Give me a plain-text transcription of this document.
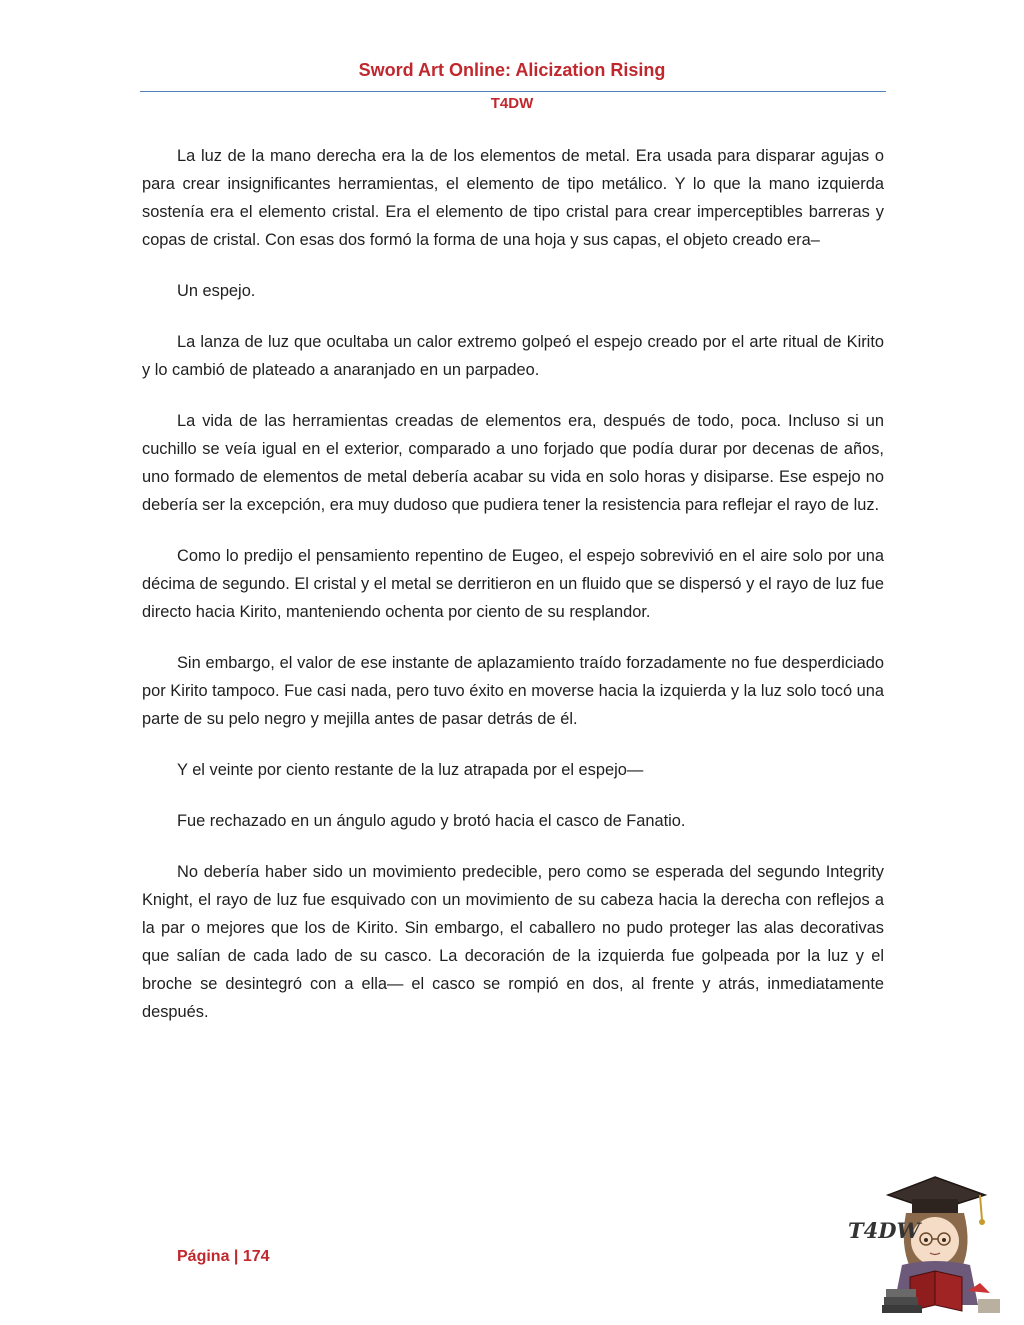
Sword Art Online: Alicization Rising
T4DW

La luz de la mano derecha era la de los elementos de metal. Era usada para disparar agujas o para crear insignificantes herramientas, el elemento de tipo metálico. Y lo que la mano izquierda sostenía era el elemento cristal. Era el elemento de tipo cristal para crear imperceptibles barreras y copas de cristal. Con esas dos formó la forma de una hoja y sus capas, el objeto creado era–

Un espejo.

La lanza de luz que ocultaba un calor extremo golpeó el espejo creado por el arte ritual de Kirito y lo cambió de plateado a anaranjado en un parpadeo.

La vida de las herramientas creadas de elementos era, después de todo, poca. Incluso si un cuchillo se veía igual en el exterior, comparado a uno forjado que podía durar por decenas de años, uno formado de elementos de metal debería acabar su vida en solo horas y disiparse. Ese espejo no debería ser la excepción, era muy dudoso que pudiera tener la resistencia para reflejar el rayo de luz.

Como lo predijo el pensamiento repentino de Eugeo, el espejo sobrevivió en el aire solo por una décima de segundo. El cristal y el metal se derritieron en un fluido que se dispersó y el rayo de luz fue directo hacia Kirito, manteniendo ochenta por ciento de su resplandor.

Sin embargo, el valor de ese instante de aplazamiento traído forzadamente no fue desperdiciado por Kirito tampoco. Fue casi nada, pero tuvo éxito en moverse hacia la izquierda y la luz solo tocó una parte de su pelo negro y mejilla antes de pasar detrás de él.

Y el veinte por ciento restante de la luz atrapada por el espejo—

Fue rechazado en un ángulo agudo y brotó hacia el casco de Fanatio.

No debería haber sido un movimiento predecible, pero como se esperada del segundo Integrity Knight, el rayo de luz fue esquivado con un movimiento de su cabeza hacia la derecha con reflejos a la par o mejores que los de Kirito. Sin embargo, el caballero no pudo proteger las alas decorativas que salían de cada lado de su casco. La decoración de la izquierda fue golpeada por la luz y el broche se desintegró con a ella— el casco se rompió en dos, al frente y atrás, inmediatamente después.

Página | 174
T4DW
